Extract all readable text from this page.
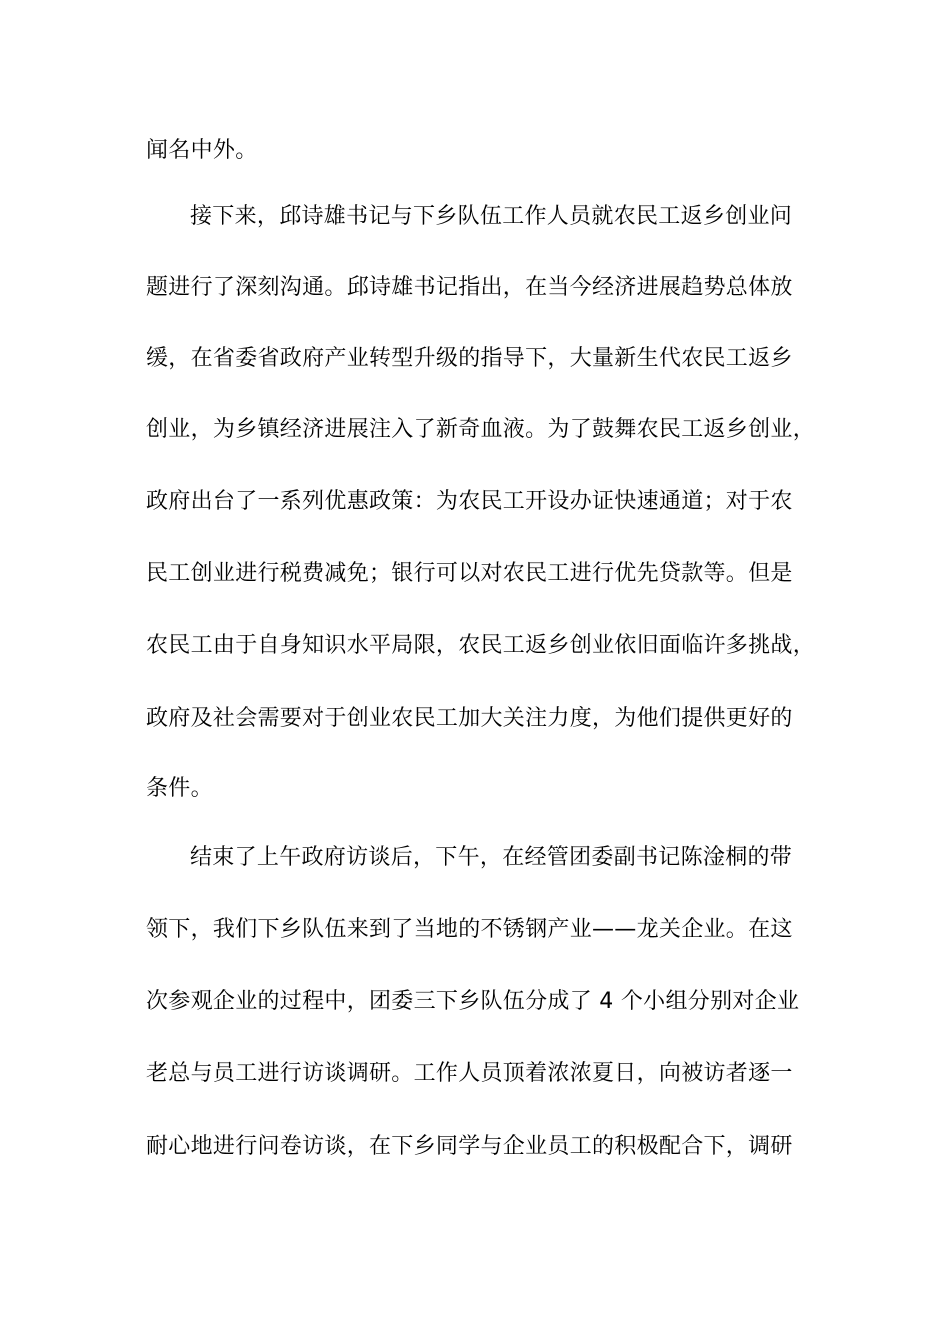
闻名中外。
接下来，邱诗雄书记与下乡队伍工作人员就农民工返乡创业问
题进行了深刻沟通。邱诗雄书记指出，在当今经济进展趋势总体放
缓，在省委省政府产业转型升级的指导下，大量新生代农民工返乡
创业，为乡镇经济进展注入了新奇血液。为了鼓舞农民工返乡创业，
政府出台了一系列优惠政策：为农民工开设办证快速通道；对于农
民工创业进行税费减免；银行可以对农民工进行优先贷款等。但是
农民工由于自身知识水平局限，农民工返乡创业依旧面临许多挑战，
政府及社会需要对于创业农民工加大关注力度，为他们提供更好的
条件。
结束了上午政府访谈后，下午，在经管团委副书记陈淦桐的带
领下，我们下乡队伍来到了当地的不锈钢产业——龙关企业。在这
次参观企业的过程中，团委三下乡队伍分成了 4 个小组分别对企业
老总与员工进行访谈调研。工作人员顶着浓浓夏日，向被访者逐一
耐心地进行问卷访谈，在下乡同学与企业员工的积极配合下，调研
